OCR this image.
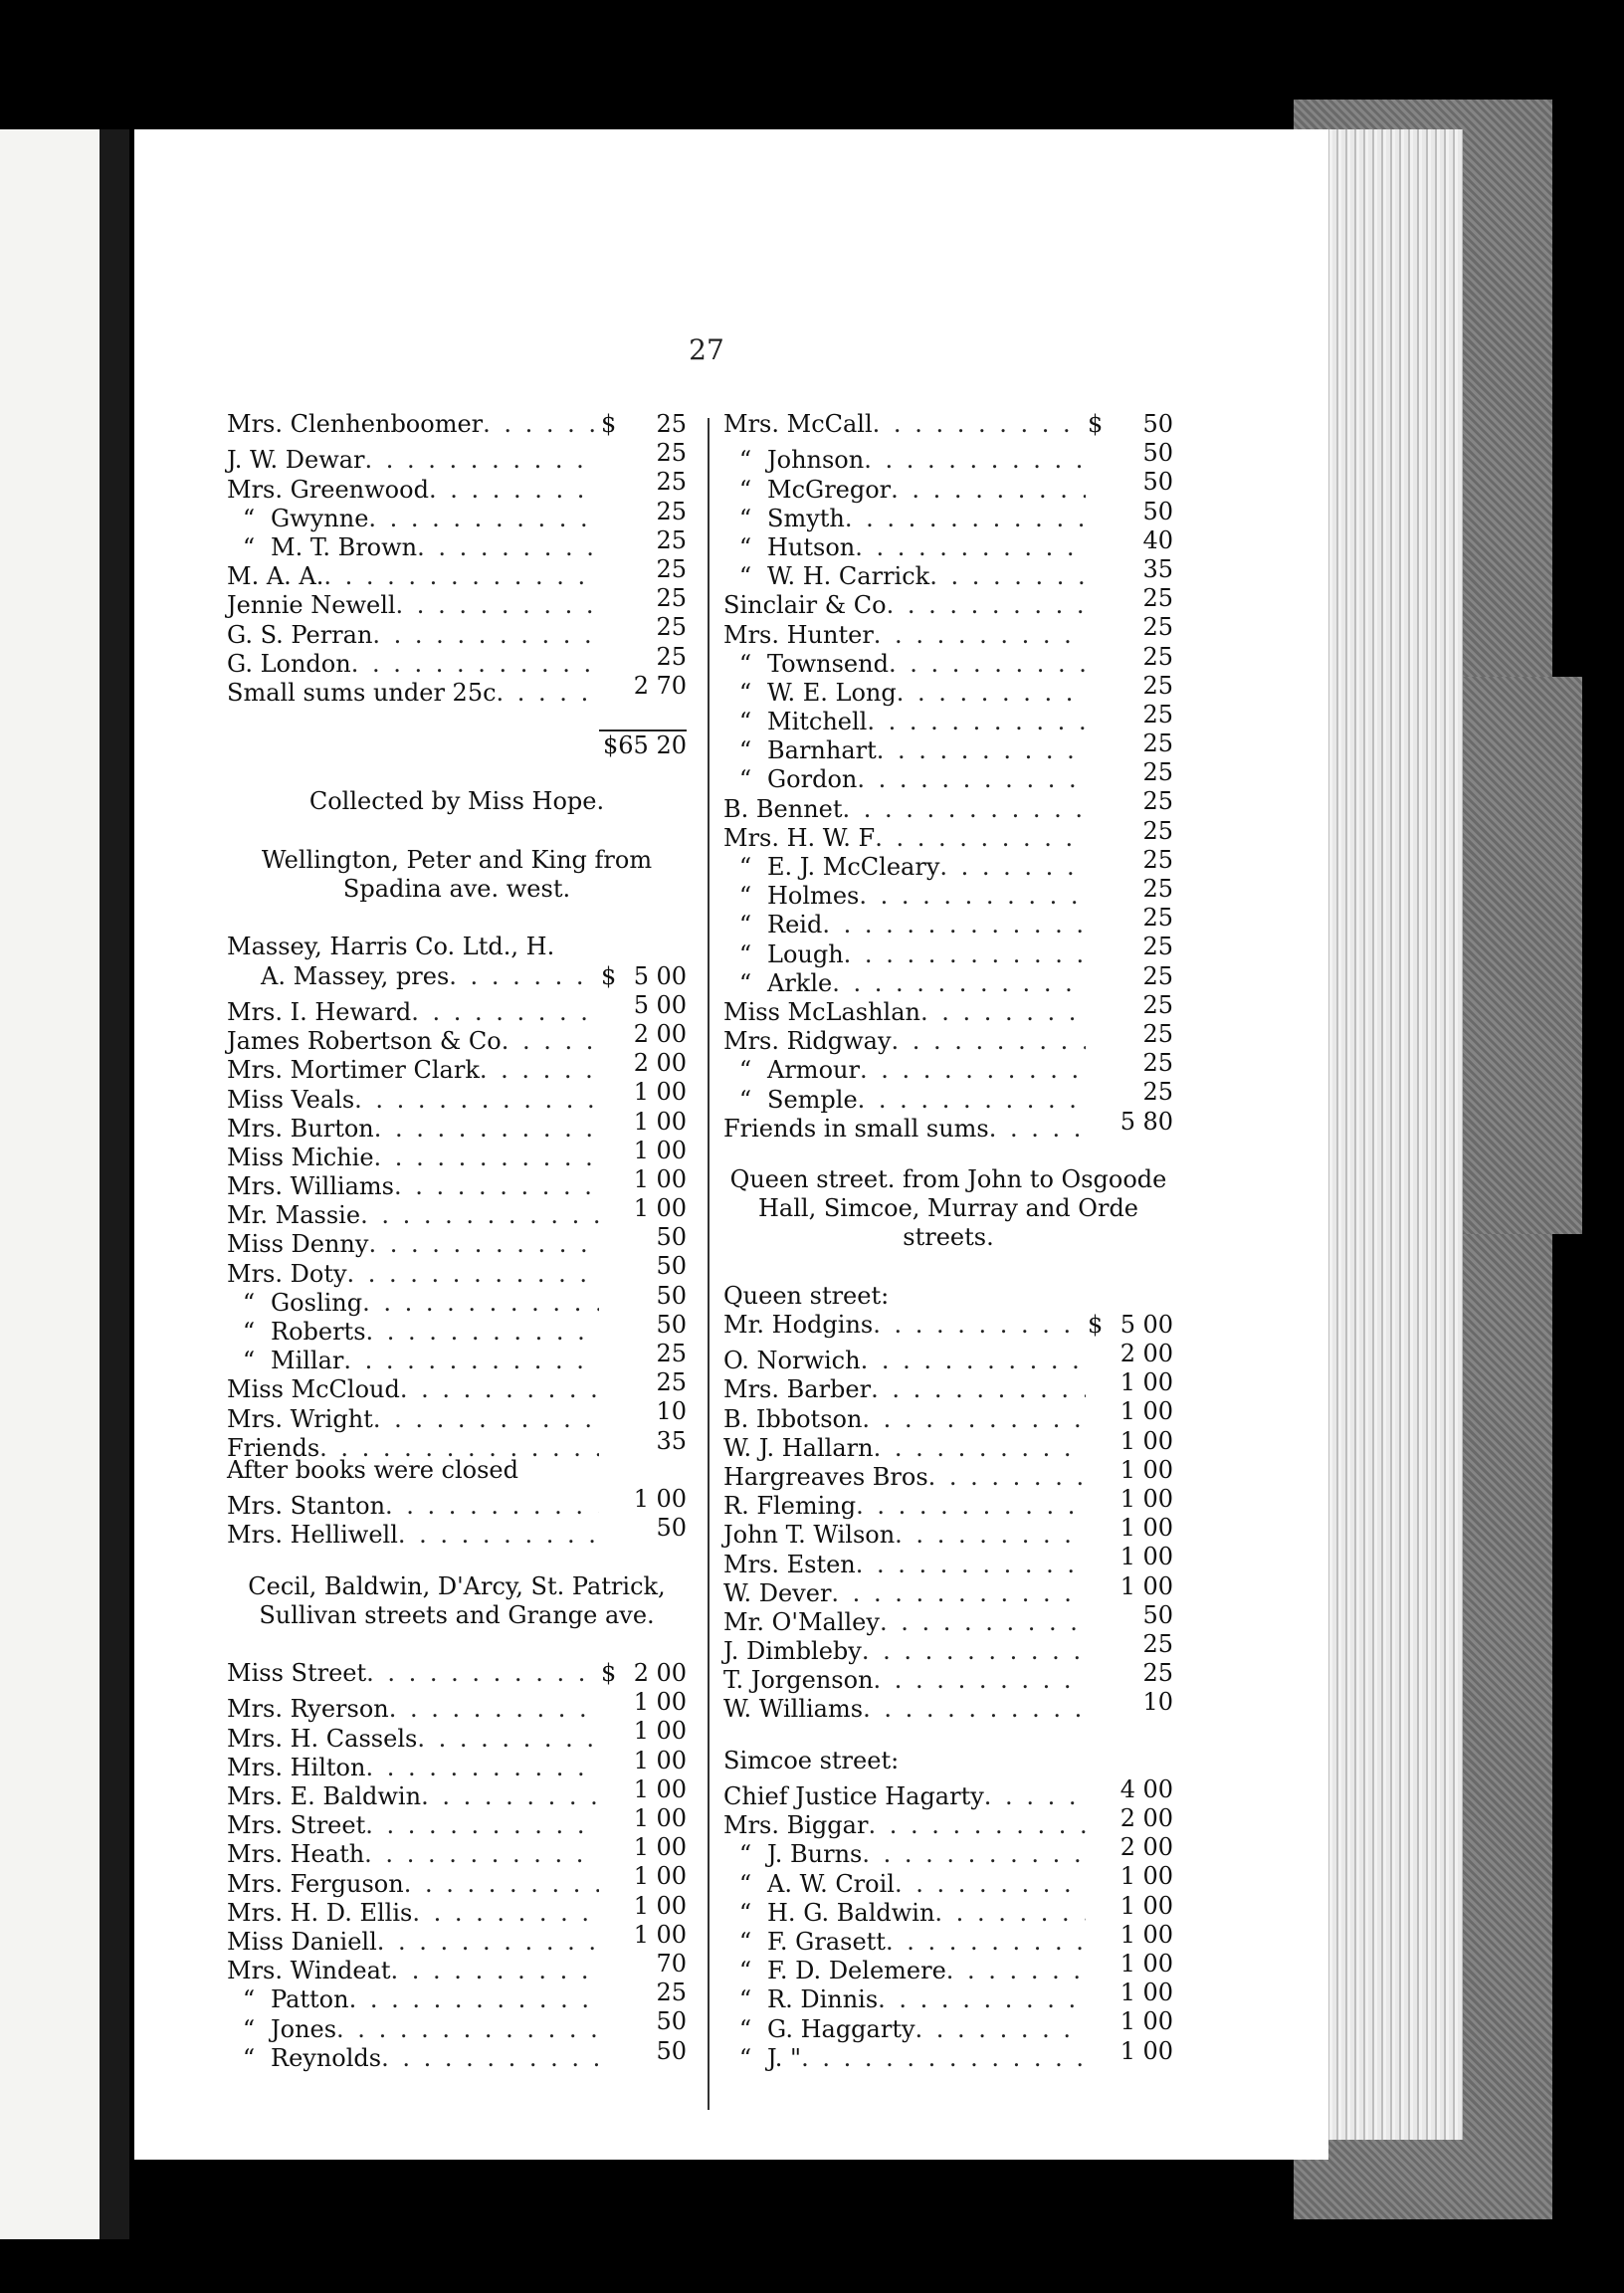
27
Mrs. Clenhenboomer . . .	$	25
J. W. Dewar . . .	25
Mrs. Greenwood . . .	25
“ Gwynne . . .	25
“ M. T. Brown . . .	25
M. A. A. . . .	25
Jennie Newell . . .	25
G. S. Perran . . .	25
G. London . . .	25
Small sums under 25c . . .	2 70
$65 20
Collected by Miss Hope.
Wellington, Peter and King from Spadina ave. west.
Massey, Harris Co. Ltd., H.
A. Massey, pres . . .	$ 5 00
Mrs. I. Heward . . .	5 00
James Robertson & Co . . .	2 00
Mrs. Mortimer Clark . . .	2 00
Miss Veals . . .	1 00
Mrs. Burton . . .	1 00
Miss Michie . . .	1 00
Mrs. Williams . . .	1 00
Mr. Massie . . .	1 00
Miss Denny . . .	50
Mrs. Doty . . .	50
“ Gosling . . .	50
“ Roberts . . .	50
“ Millar . . .	25
Miss McCloud . . .	25
Mrs. Wright . . .	10
Friends . . .	35
After books were closed
Mrs. Stanton . . .	1 00
Mrs. Helliwell . . .	50
Cecil, Baldwin, D'Arcy, St. Patrick, Sullivan streets and Grange ave.
Miss Street . . .	$ 2 00
Mrs. Ryerson . . .	1 00
Mrs. H. Cassels . . .	1 00
Mrs. Hilton . . .	1 00
Mrs. E. Baldwin . . .	1 00
Mrs. Street . . .	1 00
Mrs. Heath . . .	1 00
Mrs. Ferguson . . .	1 00
Mrs. H. D. Ellis . . .	1 00
Miss Daniell . . .	1 00
Mrs. Windeat . . .	70
“ Patton . . .	25
“ Jones . . .	50
“ Reynolds . . .	50
Mrs. McCall . . .	$	50
“ Johnson . . .	50
“ McGregor . . .	50
“ Smyth . . .	50
“ Hutson . . .	40
“ W. H. Carrick . . .	35
Sinclair & Co . . .	25
Mrs. Hunter . . .	25
“ Townsend . . .	25
“ W. E. Long . . .	25
“ Mitchell . . .	25
“ Barnhart . . .	25
“ Gordon . . .	25
B. Bennet . . .	25
Mrs. H. W. F . . .	25
“ E. J. McCleary . . .	25
“ Holmes . . .	25
“ Reid . . .	25
“ Lough . . .	25
“ Arkle . . .	25
Miss McLashlan . . .	25
Mrs. Ridgway . . .	25
“ Armour . . .	25
“ Semple . . .	25
Friends in small sums . . .	5 80
Queen street. from John to Osgoode Hall, Simcoe, Murray and Orde streets.
Queen street:
Mr. Hodgins . . .	$ 5 00
O. Norwich . . .	2 00
Mrs. Barber . . .	1 00
B. Ibbotson . . .	1 00
W. J. Hallarn . . .	1 00
Hargreaves Bros . . .	1 00
R. Fleming . . .	1 00
John T. Wilson . . .	1 00
Mrs. Esten . . .	1 00
W. Dever . . .	1 00
Mr. O'Malley . . .	50
J. Dimbleby . . .	25
T. Jorgenson . . .	25
W. Williams . . .	10
Simcoe street:
Chief Justice Hagarty . . .	4 00
Mrs. Biggar . . .	2 00
“ J. Burns . . .	2 00
“ A. W. Croil . . .	1 00
“ H. G. Baldwin . . .	1 00
“ F. Grasett . . .	1 00
“ F. D. Delemere . . .	1 00
“ R. Dinnis . . .	1 00
“ G. Haggarty . . .	1 00
“ J. " . . .	1 00
